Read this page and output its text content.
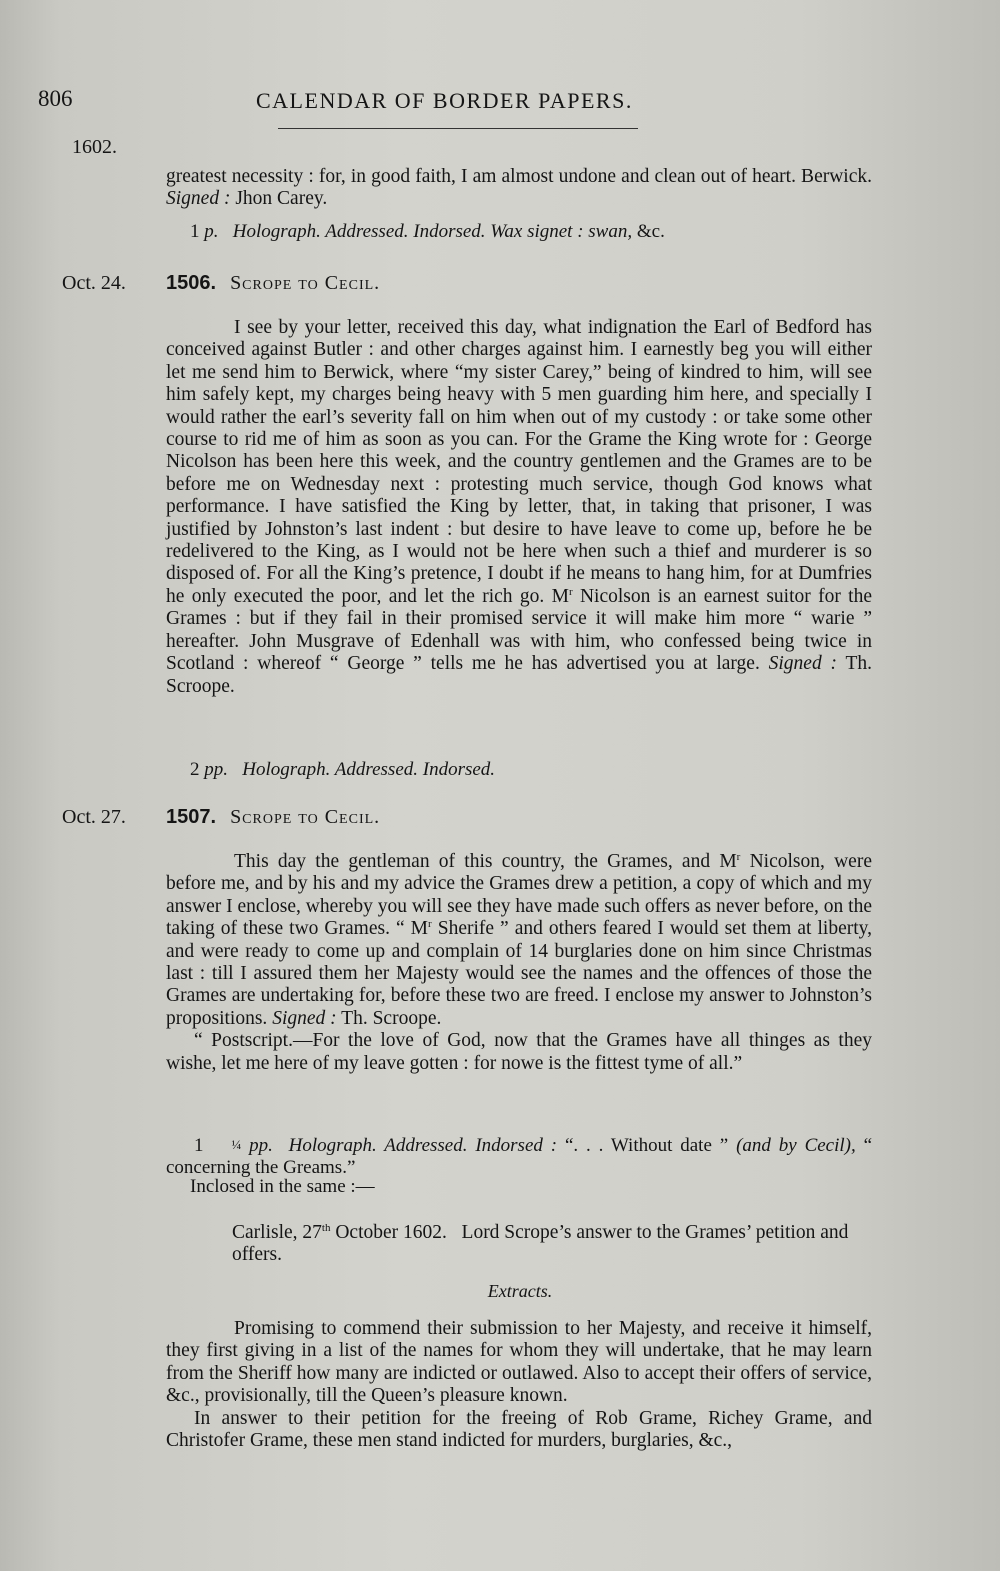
806	CALENDAR OF BORDER PAPERS.
1602.

greatest necessity : for, in good faith, I am almost undone and clean out of heart. Berwick. Signed : Jhon Carey.

1 p. Holograph. Addressed. Indorsed. Wax signet : swan, &c.
Oct. 24. 1506. Scrope to Cecil.

I see by your letter, received this day, what indignation the Earl of Bedford has conceived against Butler : and other charges against him. I earnestly beg you will either let me send him to Berwick, where “my sister Carey,” being of kindred to him, will see him safely kept, my charges being heavy with 5 men guarding him here, and specially I would rather the earl’s severity fall on him when out of my custody : or take some other course to rid me of him as soon as you can. For the Grame the King wrote for : George Nicolson has been here this week, and the country gentlemen and the Grames are to be before me on Wednesday next : protesting much service, though God knows what performance. I have satisfied the King by letter, that, in taking that prisoner, I was justified by Johnston’s last indent : but desire to have leave to come up, before he be redelivered to the King, as I would not be here when such a thief and murderer is so disposed of. For all the King’s pretence, I doubt if he means to hang him, for at Dumfries he only executed the poor, and let the rich go. $M^r$ Nicolson is an earnest suitor for the Grames : but if they fail in their promised service it will make him more “ warie ” hereafter. John Musgrave of Edenhall was with him, who confessed being twice in Scotland : whereof “ George ” tells me he has advertised you at large. Signed : Th. Scroope.

2 pp. Holograph. Addressed. Indorsed.
Oct. 27. 1507. Scrope to Cecil.

This day the gentleman of this country, the Grames, and $M^r$ Nicolson, were before me, and by his and my advice the Grames drew a petition, a copy of which and my answer I enclose, whereby you will see they have made such offers as never before, on the taking of these two Grames. “ $M^r$ Sherife ” and others feared I would set them at liberty, and were ready to come up and complain of 14 burglaries done on him since Christmas last : till I assured them her Majesty would see the names and the offences of those the Grames are undertaking for, before these two are freed. I enclose my answer to Johnston’s propositions. Signed : Th. Scroope.

“ Postscript.—For the love of God, now that the Grames have all thinges as they wishe, let me here of my leave gotten : for nowe is the fittest tyme of all.”

1 ¼ pp. Holograph. Addressed. Indorsed : “. . . Without date ” (and by Cecil), “ concerning the Greams.”

Inclosed in the same :—
Carlisle, 27th October 1602. Lord Scrope’s answer to the Grames’ petition and offers.
Extracts.

Promising to commend their submission to her Majesty, and receive it himself, they first giving in a list of the names for whom they will undertake, that he may learn from the Sheriff how many are indicted or outlawed. Also to accept their offers of service, &c., provisionally, till the Queen’s pleasure known.

In answer to their petition for the freeing of Rob Grame, Richey Grame, and Christofer Grame, these men stand indicted for murders, burglaries, &c.,
